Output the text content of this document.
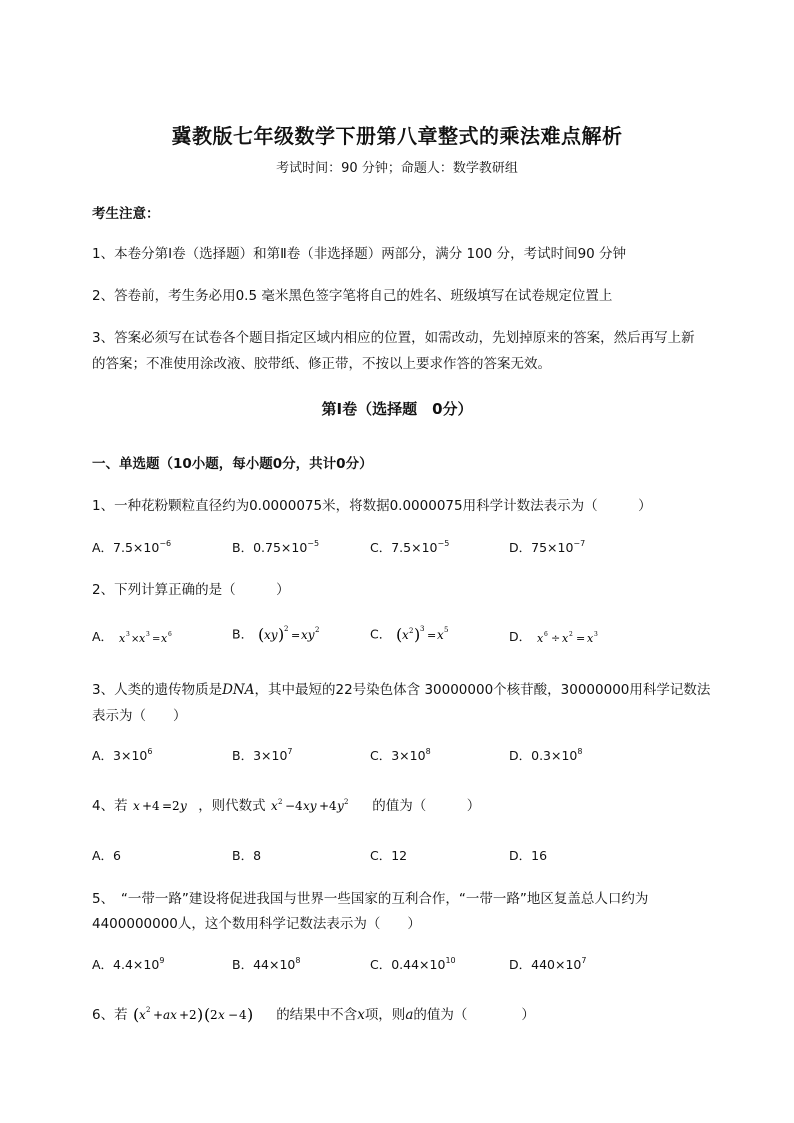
冀教版七年级数学下册第八章整式的乘法难点解析
考试时间：90 分钟；命题人：数学教研组
考生注意：
1、本卷分第Ⅰ卷（选择题）和第Ⅱ卷（非选择题）两部分，满分 100 分，考试时间90 分钟
2、答卷前，考生务必用0.5 毫米黑色签字笔将自己的姓名、班级填写在试卷规定位置上
3、答案必须写在试卷各个题目指定区域内相应的位置，如需改动，先划掉原来的答案，然后再写上新
的答案；不准使用涂改液、胶带纸、修正带，不按以上要求作答的答案无效。
第Ⅰ卷（选择题　0分）
一、单选题（10小题，每小题0分，共计0分）
1、一种花粉颗粒直径约为0.0000075米，将数据0.0000075用科学计数法表示为（　　　）
A．$7.5\times 10^{-6}$	B．$0.75\times 10^{-5}$	C．$7.5\times 10^{-5}$	D．$75\times 10^{-7}$
2、下列计算正确的是（　　　）
A． x 3 × x 3 = x 6	B． ( xy ) 2 = xy 2	C． ( x 2 ) 3 = x 5	D． x 6 ÷ x 2 = x 3
3、人类的遗传物质是DNA，其中最短的22号染色体含 30000000个核苷酸，30000000用科学记数法
表示为（　　）
A．$3\times 10^6$	B．$3\times 10^7$	C．$3\times 10^8$	D．$0.3\times 10^8$
4、若 x + 4 = 2 y ，则代数式 x 2 − 4 xy + 4 y 2 的值为（　　　）
A．6	B．8	C．12	D．16
5、　“一带一路”建设将促进我国与世界一些国家的互利合作，“一带一路”地区复盖总人口约为
4400000000人，这个数用科学记数法表示为（　　）
A．$4.4\times 10^9$	B．$44\times 10^8$	C．$0.44\times 10^{10}$	D．$440\times 10^7$
6、若 ( x 2 + ax + 2 ) ( 2 x − 4 ) 的结果中不含x项，则a的值为（　　　　）
